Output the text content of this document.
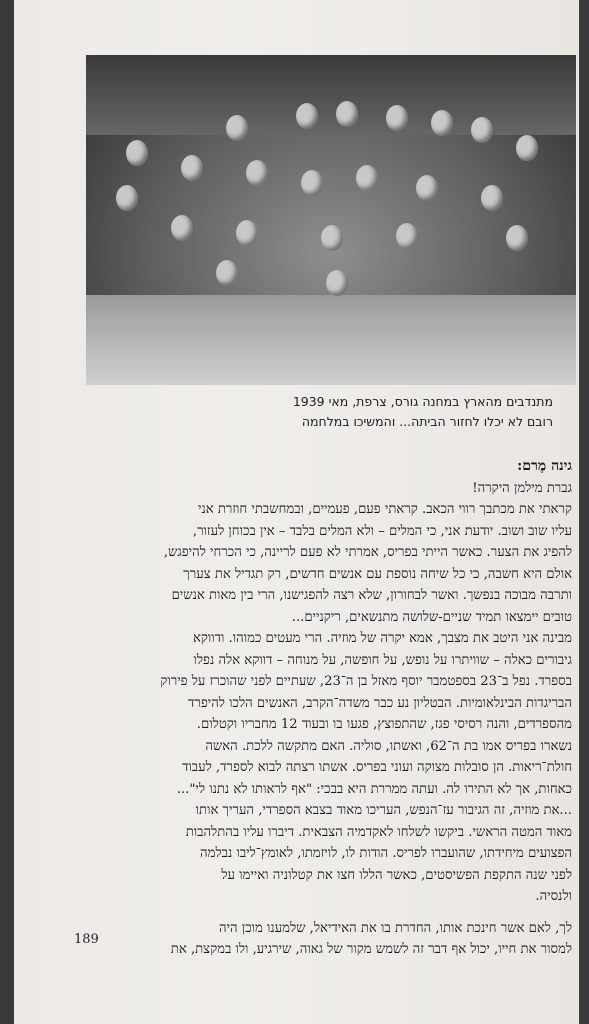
מתנדבים מהארץ במחנה גורס, צרפת, מאי 1939
רובם לא יכלו לחזור הביתה... והמשיכו במלחמה
גינה מֶרם:
גברת מילמן היקרה!
קראתי את מכתבך רווי הכאב. קראתי פעם, פעמיים, ובמחשבתי חוזרת אני
עליו שוב ושוב. יודעת אני, כי המלים – ולא המלים בלבד – אין בכוחן לעזור,
להפיג את הצער. כאשר הייתי בפריס, אמרתי לא פעם לריינה, כי הכרחי להיפגש,
אולם היא חשבה, כי כל שיחה נוספת עם אנשים חדשים, רק תגדיל את צערך
ותרבה מבוכה בנפשך. ואשר לבחורון, שלא רצה להפגישנו, הרי בין מאות אנשים
טובים יימצאו תמיד שניים-שלושה מתנשאים, ריקניים...
מבינה אני היטב את מצבך, אמא יקרה של מוזיה. הרי מעטים כמוהו. ודווקא
גיבורים כאלה – שוויתרו על נופש, על חופשה, על מנוחה – דווקא אלה נפלו
בספרד. נפל ב־23 בספטמבר יוסף מאזל בן ה־23, שעתיים לפני שהוכרז על פירוק
הבריגדות הבינלאומיות. הבטליון נע כבר משדה־הקרב, האנשים הלכו להיפרד
מהספרדים, והנה רסיסי פגז, שהתפוצץ, פגעו בו ובעוד 12 מחבריו וקטלום.
נשארו בפריס אמו בת ה־62, ואשתו, סוליה. האם מתקשה ללכת. האשה
חולת־ריאות. הן סובלות מצוקה ועוני בפריס. אשתו רצתה לבוא לספרד, לעבוד
כאחות, אך לא התירו לה. ועתה ממררת היא בבכי: "אף לראותו לא נתנו לי"...
...את מוזיה, זה הגיבור עז־הנפש, העריכו מאוד בצבא הספרדי, העריך אותו
מאוד המטה הראשי. ביקשו לשלחו לאקדמיה הצבאית. דיברו עליו בהתלהבות
הפצועים מיחידתו, שהועברו לפריס. הודות לו, לויזמתו, לאומץ־ליבו נבלמה
לפני שנה התקפת הפשיסטים, כאשר הללו חצו את קטלוניה ואיימו על
ולנסיה.
לך, לאם אשר חינכת אותו, החדרת בו את האידיאל, שלמענו מוכן היה
למסור את חייו, יכול אף דבר זה לשמש מקור של גאוה, שירגיע, ולו במקצת, את
189
